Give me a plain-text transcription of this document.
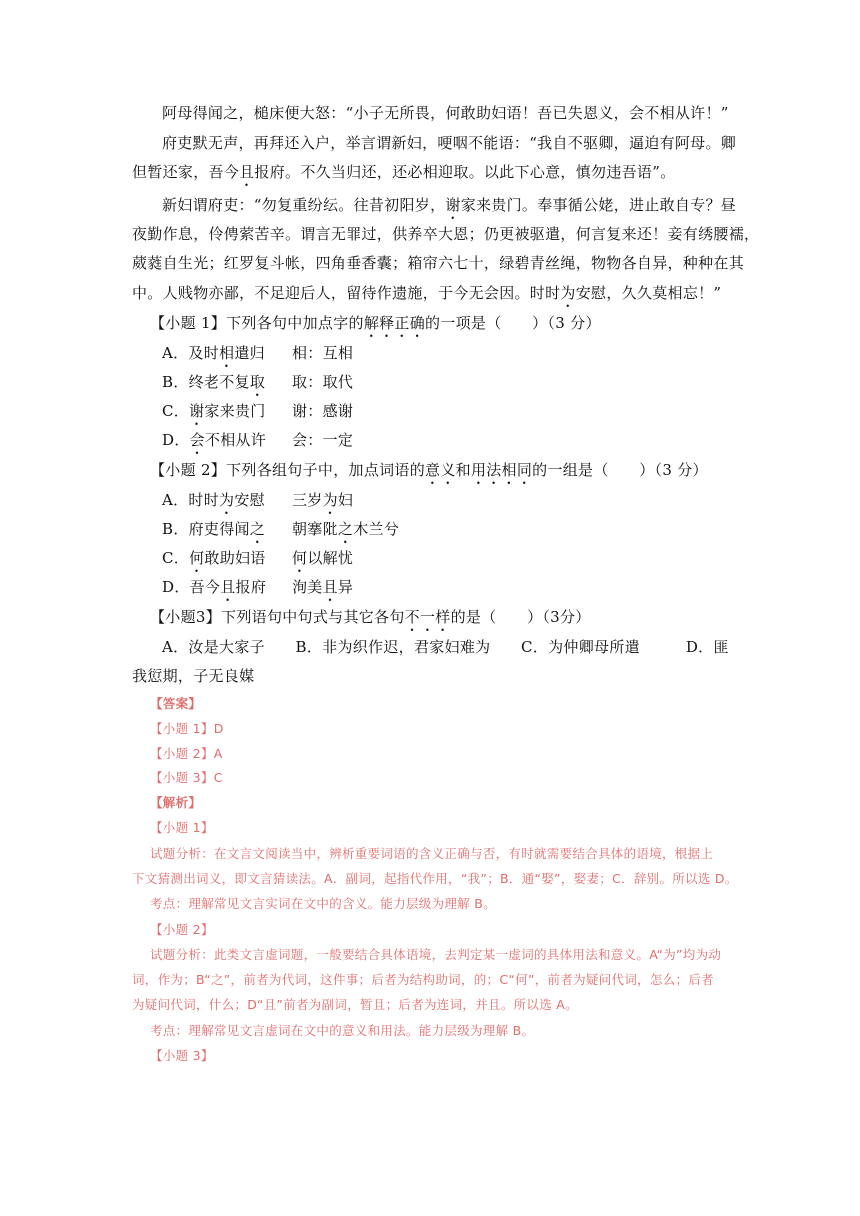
阿母得闻之，槌床便大怒：“小子无所畏，何敢助妇语！吾已失恩义，会不相从许！”
府吏默无声，再拜还入户，举言谓新妇，哽咽不能语：“我自不驱卿，逼迫有阿母。卿
但暂还家，吾今且报府。不久当归还，还必相迎取。以此下心意，慎勿违吾语”。
新妇谓府吏：“勿复重纷纭。往昔初阳岁，谢家来贵门。奉事循公姥，进止敢自专？昼
夜勤作息，伶俜萦苦辛。谓言无罪过，供养卒大恩；仍更被驱遣，何言复来还！妾有绣腰襦，
葳蕤自生光；红罗复斗帐，四角垂香囊；箱帘六七十，绿碧青丝绳，物物各自异，种种在其
中。人贱物亦鄙，不足迎后人，留待作遗施，于今无会因。时时为安慰，久久莫相忘！”
【小题 1】下列各句中加点字的解释正确的一项是（　　）（3 分）
A．及时相遣归 相：互相
B．终老不复取 取：取代
C．谢家来贵门 谢：感谢
D．会不相从许 会：一定
【小题 2】下列各组句子中，加点词语的意义和用法相同的一组是（　　）（3 分）
A．时时为安慰 三岁为妇
B．府吏得闻之 朝搴阰之木兰兮
C．何敢助妇语 何以解忧
D．吾今且报府 洵美且异
【小题3】下列语句中句式与其它各句不一样的是（　　）（3分）
A．汝是大家子　　B．非为织作迟，君家妇难为　　C．为仲卿母所遣　　　D．匪
我愆期，子无良媒
【答案】
【小题 1】D
【小题 2】A
【小题 3】C
【解析】
【小题 1】
试题分析：在文言文阅读当中，辨析重要词语的含义正确与否，有时就需要结合具体的语境，根据上
下文猜测出词义，即文言猜读法。A．副词，起指代作用，“我”；B．通“娶”，娶妻；C．辞别。所以选 D。
考点：理解常见文言实词在文中的含义。能力层级为理解 B。
【小题 2】
试题分析：此类文言虚词题，一般要结合具体语境，去判定某一虚词的具体用法和意义。A“为”均为动
词，作为；B“之”，前者为代词，这件事；后者为结构助词，的；C“何”，前者为疑问代词，怎么；后者
为疑问代词，什么；D“且”前者为副词，暂且；后者为连词，并且。所以选 A。
考点：理解常见文言虚词在文中的意义和用法。能力层级为理解 B。
【小题 3】
